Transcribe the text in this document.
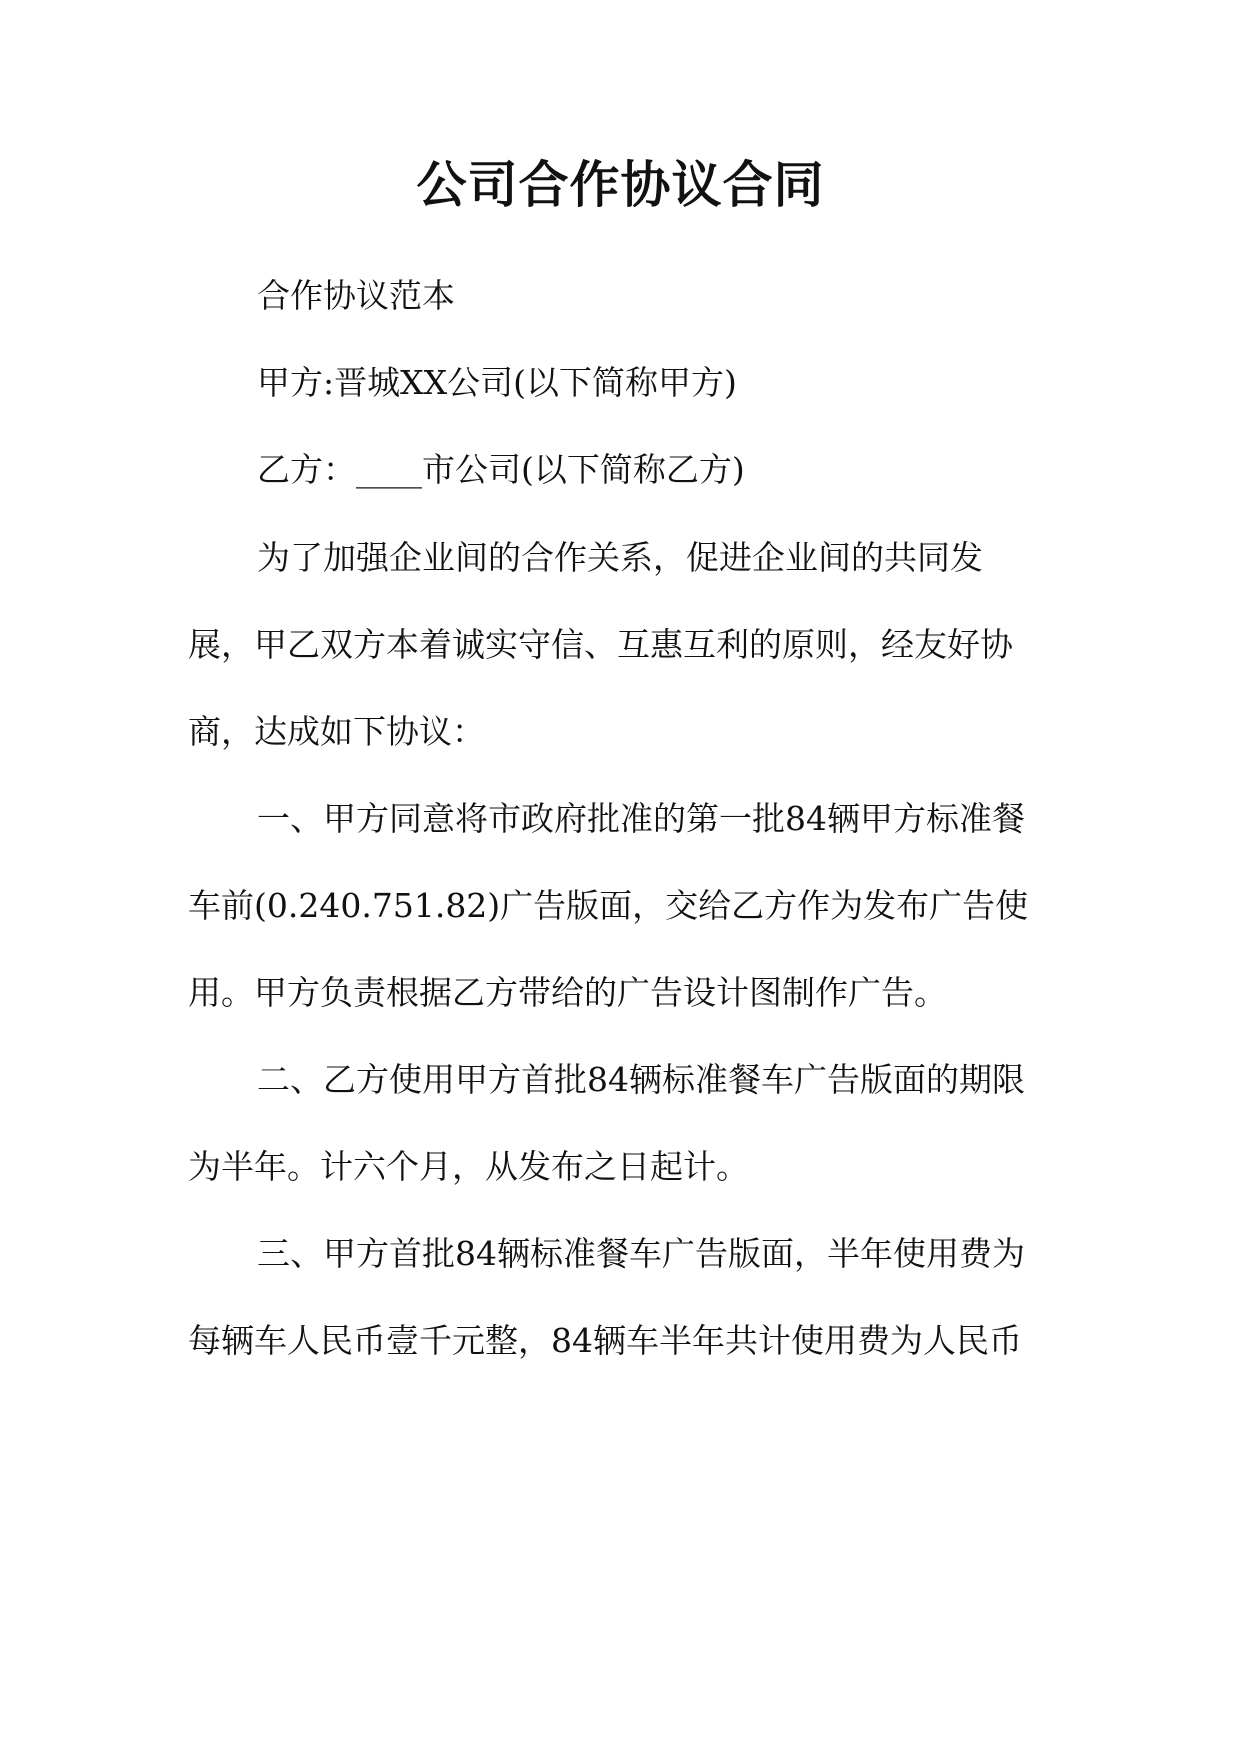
公司合作协议合同

合作协议范本

甲方:晋城XX公司(以下简称甲方)

乙方：____市公司(以下简称乙方)

为了加强企业间的合作关系，促进企业间的共同发

展，甲乙双方本着诚实守信、互惠互利的原则，经友好协

商，达成如下协议：

一、甲方同意将市政府批准的第一批84辆甲方标准餐

车前(0.240.751.82)广告版面，交给乙方作为发布广告使

用。甲方负责根据乙方带给的广告设计图制作广告。

二、乙方使用甲方首批84辆标准餐车广告版面的期限

为半年。计六个月，从发布之日起计。

三、甲方首批84辆标准餐车广告版面，半年使用费为

每辆车人民币壹千元整，84辆车半年共计使用费为人民币
